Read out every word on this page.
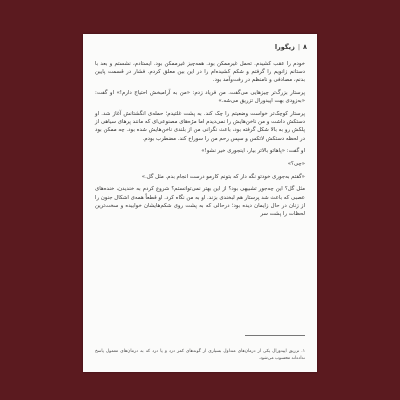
۸
|
زیگورا

خودم را عقب کشیدم. تحمل غیرممکن بود. همه‌چیز غیرممکن بود. ایستادم، نشستم و بعد با دستانم زانویم را گرفتم و شکم کشیده‌ام را در این بین معلق کردم. فشار در قسمت پایین بدنم، مصادفی و نامنظم در رفت‌وآمد بود.

پرستار بزرگ‌تر چیزهایی می‌گفت. من فریاد زدم: «من به آرامبخش احتیاج دارم!» او گفت: «به‌زودی بهت اپیدورال تزریق می‌شه.»

پرستار کوچک‌تر خواست وضعیتم را چک کند. به پشت غلتیدم؛ حمله‌ی انگشتانش آغاز شد. او دستکش داشت و من ناخن‌هایش را نمی‌دیدم اما مژه‌های مصنوعی‌ای که مانند پرهای سیاهی از پلکش رو به بالا شکل گرفته بود، باعث نگرانی من از بلندی ناخن‌هایش شده بود. چه ممکن بود در لحظه دستکش لاتکس و سپس رحم من را سوراخ کند. مضطرب بودم.

او گفت: «پاهاتو بالاتر بیار، اینجوری خیر نشو!»

«چی؟»

«گفتم به‌جوری خودتو نگه دار که بتونم کارمو درست انجام بدم. مثل گل.»

مثل گل؟ این چه‌جور تشبیهی بود؟ از این بهتر نمی‌توانستم؟ شروع کردم به خندیدن، خنده‌های عصبی که باعث شد پرستار هم لبخندی بزند. او به من نگاه کرد. او قطعاً همه‌ی اشکال جنون را از زنان در حال زایمان دیده بود؛ درحالی که به پشت روی شکم‌هایشان خوابیده و سخت‌ترین لحظات را پشت سر

۱. تزریق اپیدورال یکی از درمان‌های متداول بسیاری از گونه‌های کمر درد و پا درد که به درمان‌های معمول پاسخ نداده‌اند محسوب می‌شود.
